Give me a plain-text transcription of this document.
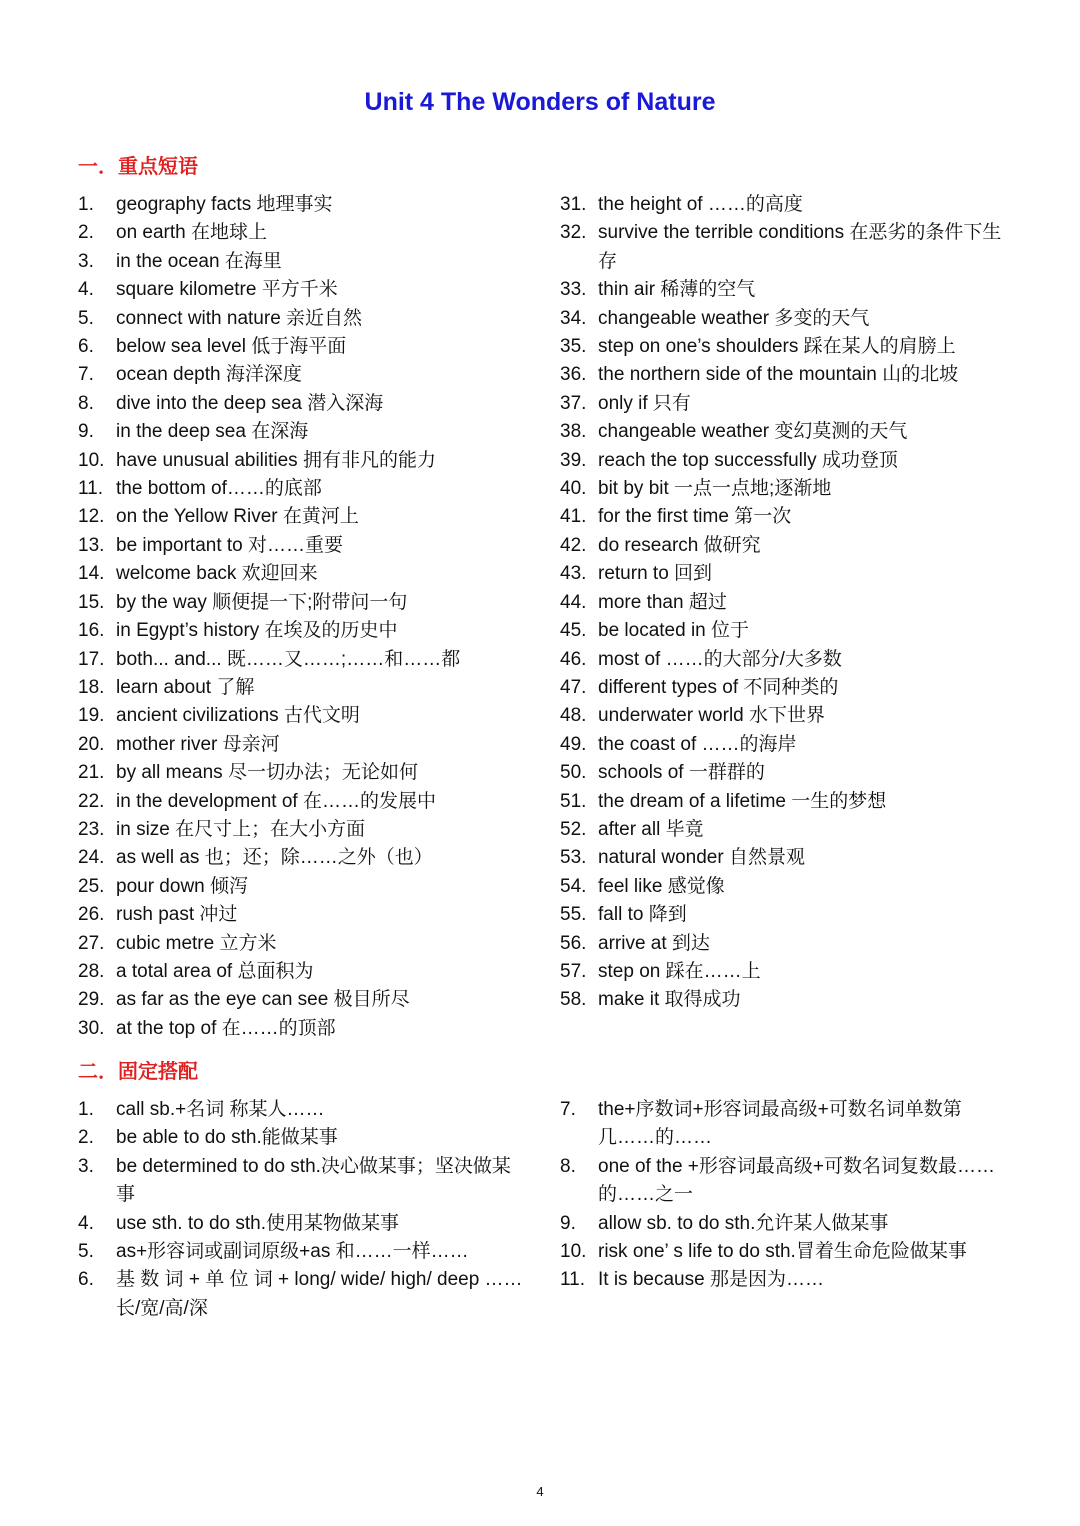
Unit 4 The Wonders of Nature
一．重点短语
1.	geography facts 地理事实
2.	on earth 在地球上
3.	in the ocean 在海里
4.	square kilometre 平方千米
5.	connect with nature 亲近自然
6.	below sea level 低于海平面
7.	ocean depth 海洋深度
8.	dive into the deep sea 潜入深海
9.	in the deep sea 在深海
10. have unusual abilities 拥有非凡的能力
11. the bottom of……的底部
12. on the Yellow River 在黄河上
13. be important to 对……重要
14. welcome back 欢迎回来
15. by the way 顺便提一下;附带问一句
16. in Egypt’s history 在埃及的历史中
17. both... and... 既……又……;……和……都
18. learn about 了解
19. ancient civilizations 古代文明
20. mother river 母亲河
21. by all means 尽一切办法；无论如何
22. in the development of 在……的发展中
23. in size 在尺寸上；在大小方面
24. as well as 也；还；除……之外（也）
25. pour down 倾泻
26. rush past 冲过
27. cubic metre 立方米
28. a total area of 总面积为
29. as far as the eye can see 极目所尽
30. at the top of 在……的顶部
31. the height of ……的高度
32. survive the terrible conditions 在恶劣的条件下生存
33. thin air 稀薄的空气
34. changeable weather 多变的天气
35. step on one’s shoulders 踩在某人的肩膀上
36. the northern side of the mountain 山的北坡
37. only if 只有
38. changeable weather 变幻莫测的天气
39. reach the top successfully 成功登顶
40. bit by bit 一点一点地;逐渐地
41. for the first time 第一次
42. do research 做研究
43. return to 回到
44. more than 超过
45. be located in 位于
46. most of ……的大部分/大多数
47. different types of 不同种类的
48. underwater world 水下世界
49. the coast of ……的海岸
50. schools of 一群群的
51. the dream of a lifetime 一生的梦想
52. after all 毕竟
53. natural wonder 自然景观
54. feel like 感觉像
55. fall to 降到
56. arrive at 到达
57. step on 踩在……上
58. make it 取得成功
二．固定搭配
1.	call sb.+名词 称某人……
2.	be able to do sth.能做某事
3.	be determined to do sth.决心做某事；坚决做某事
4.	use sth. to do sth.使用某物做某事
5.	as+形容词或副词原级+as 和……一样……
6.	基 数 词 + 单 位 词 + long/ wide/ high/ deep ……长/宽/高/深
7.	the+序数词+形容词最高级+可数名词单数第几……的……
8.	one of the +形容词最高级+可数名词复数最……的……之一
9.	allow sb. to do sth.允许某人做某事
10. risk one’ s life to do sth.冒着生命危险做某事
11. It is because 那是因为……
4
